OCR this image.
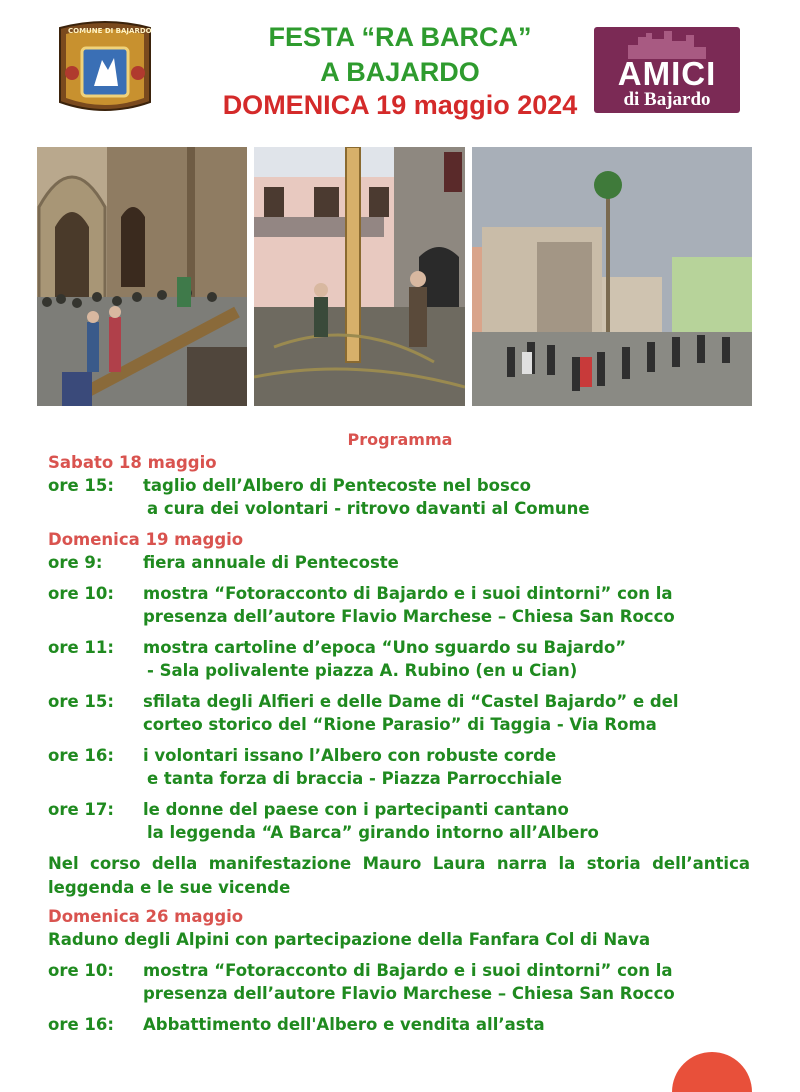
COMUNE DI BAJARDO	FESTA “RA BARCA”
A BAJARDO
DOMENICA 19 maggio 2024
AMICI
di Bajardo
Programma
Sabato 18 maggio
ore 15: taglio dell’Albero di Pentecoste nel bosco
a cura dei volontari - ritrovo davanti al Comune
Domenica 19 maggio
ore 9: fiera annuale di Pentecoste
ore 10: mostra “Fotoracconto di Bajardo e i suoi dintorni” con la
presenza dell’autore Flavio Marchese – Chiesa San Rocco
ore 11: mostra cartoline d’epoca “Uno sguardo su Bajardo”
- Sala polivalente piazza A. Rubino (en u Cian)
ore 15: sfilata degli Alfieri e delle Dame di “Castel Bajardo” e del
corteo storico del “Rione Parasio” di Taggia - Via Roma
ore 16: i volontari issano l’Albero con robuste corde
e tanta forza di braccia - Piazza Parrocchiale
ore 17: le donne del paese con i partecipanti cantano
la leggenda “A Barca” girando intorno all’Albero
Nel corso della manifestazione Mauro Laura narra la storia dell’antica leggenda e le sue vicende
Domenica 26 maggio
Raduno degli Alpini con partecipazione della Fanfara Col di Nava
ore 10: mostra “Fotoracconto di Bajardo e i suoi dintorni” con la
presenza dell’autore Flavio Marchese – Chiesa San Rocco
ore 16: Abbattimento dell'Albero e vendita all’asta
